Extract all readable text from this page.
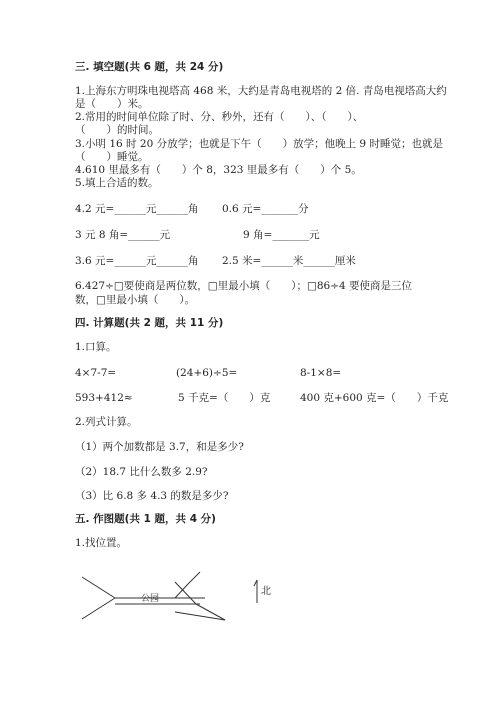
三. 填空题(共 6 题，共 24 分)
1.上海东方明珠电视塔高 468 米，大约是青岛电视塔的 2 倍. 青岛电视塔高大约
是（　　）米。
2.常用的时间单位除了时、分、秒外，还有（　　）、（　　）、
（　　）的时间。
3.小明 16 时 20 分放学；也就是下午（　　）放学；他晚上 9 时睡觉；也就是
（　　）睡觉。
4.610 里最多有（　　）个 8，323 里最多有（　　）个 5。
5.填上合适的数。
4.2 元=______元______角 0.6 元=_______分
3 元 8 角=______元	9 角=_______元
3.6 元=______元______角 2.5 米=______米______厘米
6.427÷□要使商是两位数，□里最小填（　　）；□86÷4 要使商是三位
数，□里最小填（　　）。
四. 计算题(共 2 题，共 11 分)
1.口算。
4×7-7=	(24+6)÷5=	8-1×8=
593+412≈	5 千克=（　　）克	400 克+600 克=（　　）千克
2.列式计算。
（1）两个加数都是 3.7，和是多少?
（2）18.7 比什么数多 2.9?
（3）比 6.8 多 4.3 的数是多少?
五. 作图题(共 1 题，共 4 分)
1.找位置。
公园
北
